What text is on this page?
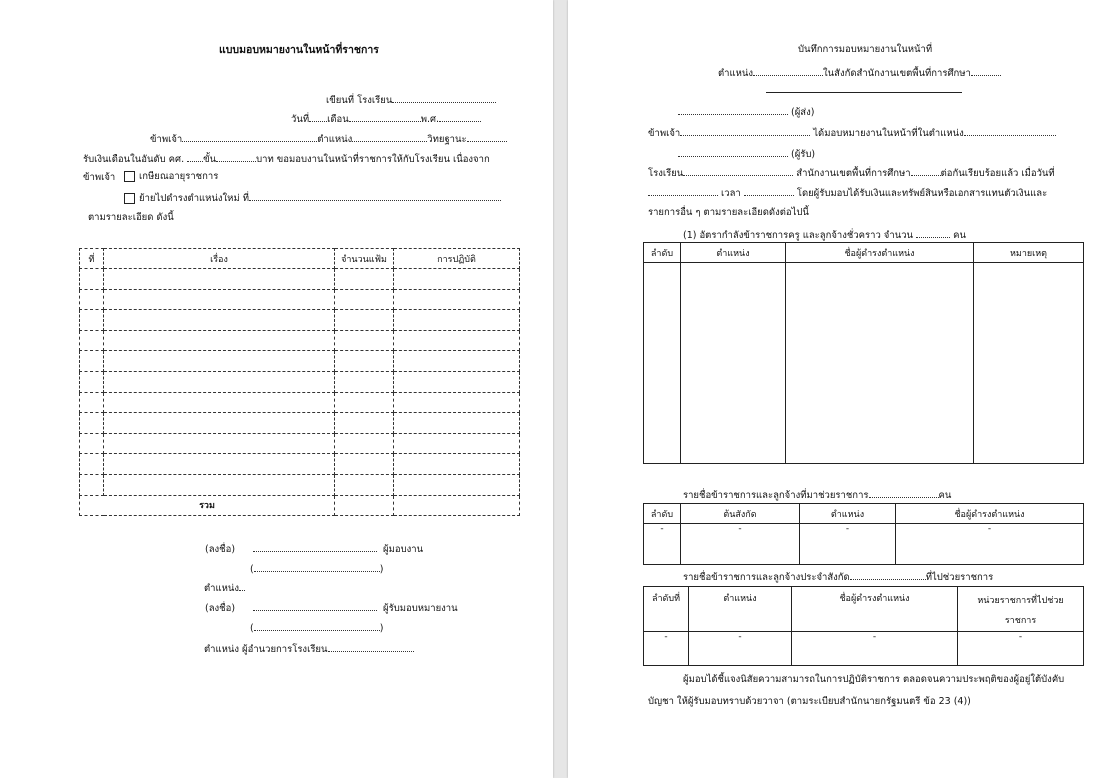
แบบมอบหมายงานในหน้าที่ราชการ
เขียนที่ โรงเรียน
วันที่ เดือน	พ.ศ.
ข้าพเจ้า	ตำแหน่ง	วิทยฐานะ
รับเงินเดือนในอันดับ คศ. ขั้น	บาท ขอมอบงานในหน้าที่ราชการให้กับโรงเรียน เนื่องจาก
ข้าพเจ้า	เกษียณอายุราชการ
ย้ายไปดำรงตำแหน่งใหม่ ที่
ตามรายละเอียด ดังนี้
ที่	เรื่อง	จำนวนแฟ้ม	การปฏิบัติ

รวม			
(ลงชื่อ)	ผู้มอบงาน
(	)
ตำแหน่ง
(ลงชื่อ)	ผู้รับมอบหมายงาน
(	)
ตำแหน่ง ผู้อำนวยการโรงเรียน
บันทึกการมอบหมายงานในหน้าที่
ตำแหน่ง	ในสังกัดสำนักงานเขตพื้นที่การศึกษา
(ผู้ส่ง)
ข้าพเจ้า	ได้มอบหมายงานในหน้าที่ในตำแหน่ง
(ผู้รับ)
โรงเรียน	สำนักงานเขตพื้นที่การศึกษา	ต่อกันเรียบร้อยแล้ว เมื่อวันที่
เวลา	โดยผู้รับมอบได้รับเงินและทรัพย์สินหรือเอกสารแทนตัวเงินและ
รายการอื่น ๆ ตามรายละเอียดดังต่อไปนี้
(1) อัตรากำลังข้าราชการครู และลูกจ้างชั่วคราว จำนวน	คน
ลำดับ	ตำแหน่ง	ชื่อผู้ดำรงตำแหน่ง	หมายเหตุ

รายชื่อข้าราชการและลูกจ้างที่มาช่วยราชการ	คน
ลำดับ	ต้นสังกัด	ตำแหน่ง	ชื่อผู้ดำรงตำแหน่ง
-	-	-	-
รายชื่อข้าราชการและลูกจ้างประจำสังกัด	ที่ไปช่วยราชการ
ลำดับที่	ตำแหน่ง	ชื่อผู้ดำรงตำแหน่ง	หน่วยราชการที่ไปช่วย ราชการ
-	-	-	-
ผู้มอบได้ชี้แจงนิสัยความสามารถในการปฏิบัติราชการ ตลอดจนความประพฤติของผู้อยู่ใต้บังคับ
บัญชา ให้ผู้รับมอบทราบด้วยวาจา (ตามระเบียบสำนักนายกรัฐมนตรี ข้อ 23 (4))
